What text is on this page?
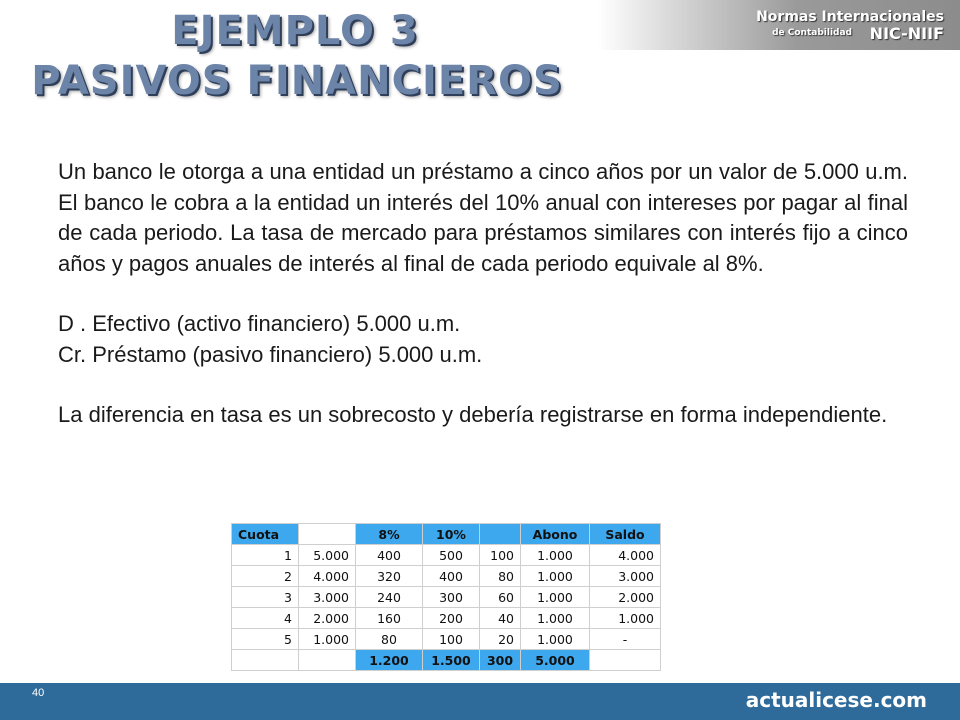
EJEMPLO 3
PASIVOS FINANCIEROS
Normas Internacionales
de Contabilidad NIC-NIIF

Un banco le otorga a una entidad un préstamo a cinco años por un valor de 5.000 u.m. El banco le cobra a la entidad un interés del 10% anual con intereses por pagar al final de cada periodo. La tasa de mercado para préstamos similares con interés fijo a cinco años y pagos anuales de interés al final de cada periodo equivale al 8%.

D . Efectivo (activo financiero) 5.000 u.m.

Cr. Préstamo (pasivo financiero) 5.000 u.m.

La diferencia en tasa es un sobrecosto y debería registrarse en forma independiente.

Cuota		8%	10%		Abono	Saldo
1	5.000	400	500	100	1.000	4.000
2	4.000	320	400	80	1.000	3.000
3	3.000	240	300	60	1.000	2.000
4	2.000	160	200	40	1.000	1.000
5	1.000	80	100	20	1.000	-
		1.200	1.500	300	5.000	
40	actualicese.com
